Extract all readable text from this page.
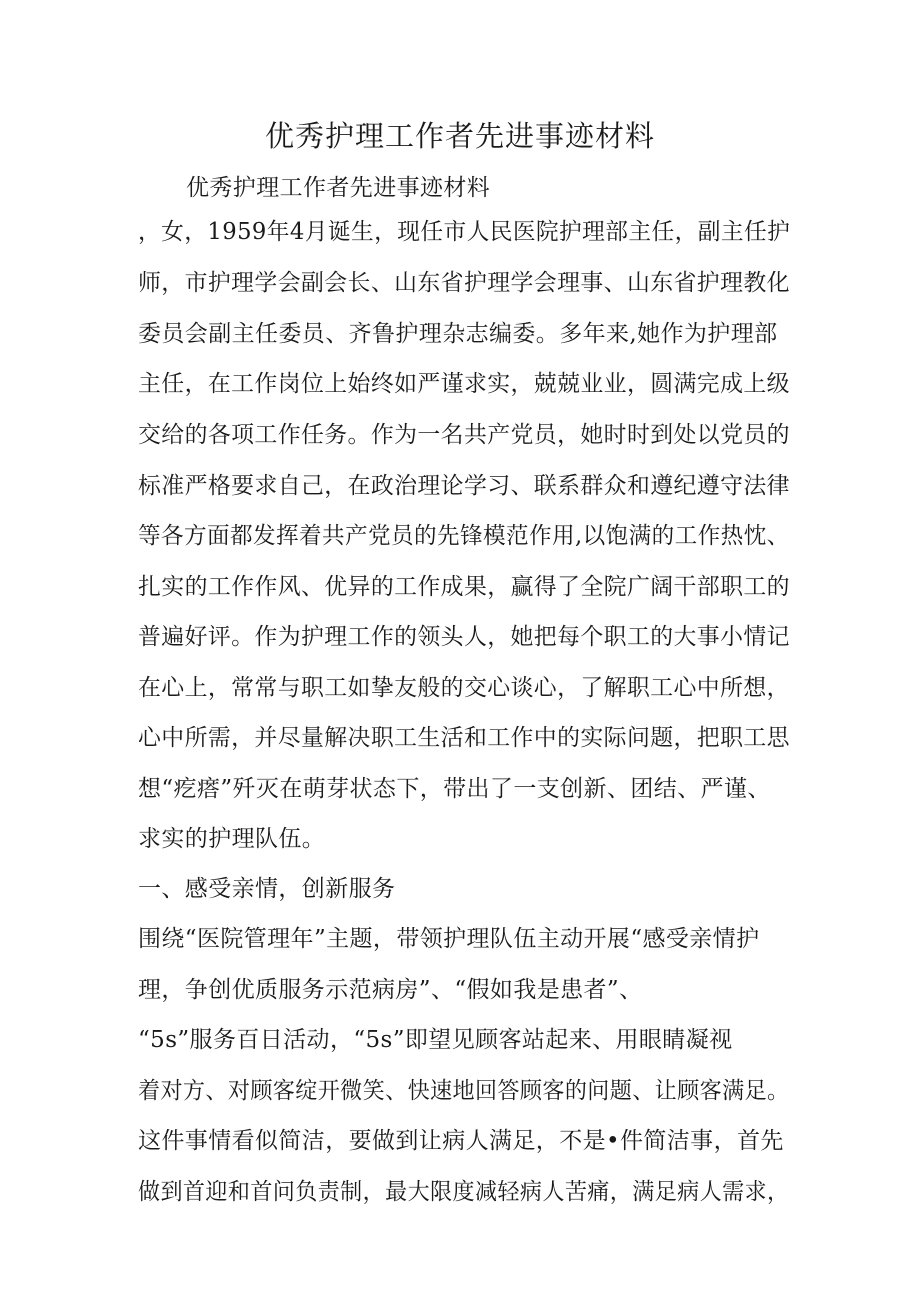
优秀护理工作者先进事迹材料
优秀护理工作者先进事迹材料
，女，1959年4月诞生，现任市人民医院护理部主任，副主任护
师，市护理学会副会长、山东省护理学会理事、山东省护理教化
委员会副主任委员、齐鲁护理杂志编委。多年来,她作为护理部
主任，在工作岗位上始终如严谨求实，兢兢业业，圆满完成上级
交给的各项工作任务。作为一名共产党员，她时时到处以党员的
标准严格要求自己，在政治理论学习、联系群众和遵纪遵守法律
等各方面都发挥着共产党员的先锋模范作用,以饱满的工作热忱、
扎实的工作作风、优异的工作成果，赢得了全院广阔干部职工的
普遍好评。作为护理工作的领头人，她把每个职工的大事小情记
在心上，常常与职工如挚友般的交心谈心，了解职工心中所想，
心中所需，并尽量解决职工生活和工作中的实际问题，把职工思
想“疙瘩”歼灭在萌芽状态下，带出了一支创新、团结、严谨、
求实的护理队伍。
一、感受亲情，创新服务
围绕“医院管理年”主题，带领护理队伍主动开展“感受亲情护
理，争创优质服务示范病房”、“假如我是患者”、
“5s”服务百日活动，“5s”即望见顾客站起来、用眼睛凝视
着对方、对顾客绽开微笑、快速地回答顾客的问题、让顾客满足。
这件事情看似简洁，要做到让病人满足，不是•件简洁事，首先
做到首迎和首问负责制，最大限度减轻病人苦痛，满足病人需求，
